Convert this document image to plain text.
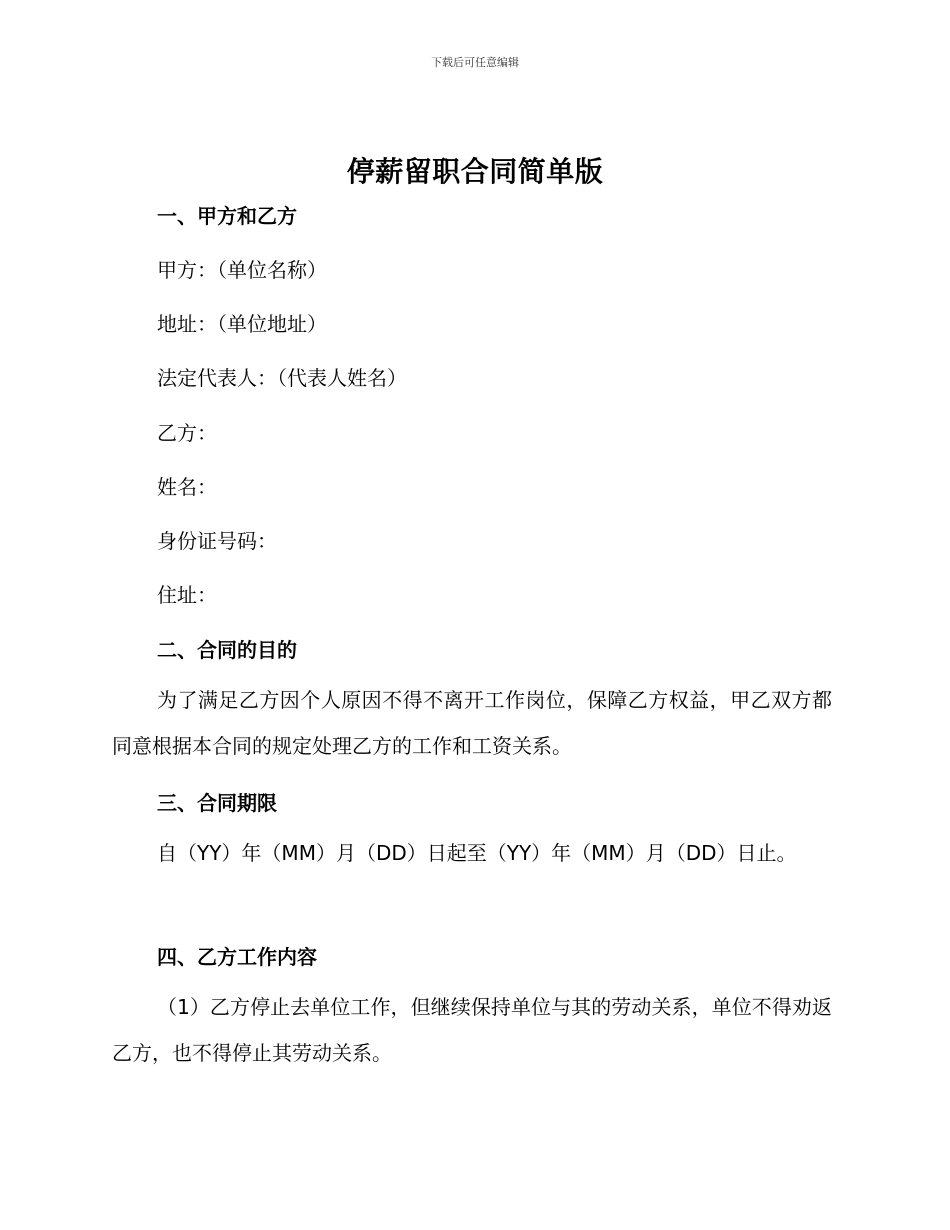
下载后可任意编辑
停薪留职合同简单版
一、甲方和乙方
甲方：（单位名称）
地址：（单位地址）
法定代表人：（代表人姓名）
乙方：
姓名：
身份证号码：
住址：
二、合同的目的

为了满足乙方因个人原因不得不离开工作岗位，保障乙方权益，甲乙双方都同意根据本合同的规定处理乙方的工作和工资关系。

三、合同期限

自（YY）年（MM）月（DD）日起至（YY）年（MM）月（DD）日止。

四、乙方工作内容

（1）乙方停止去单位工作，但继续保持单位与其的劳动关系，单位不得劝返乙方，也不得停止其劳动关系。
